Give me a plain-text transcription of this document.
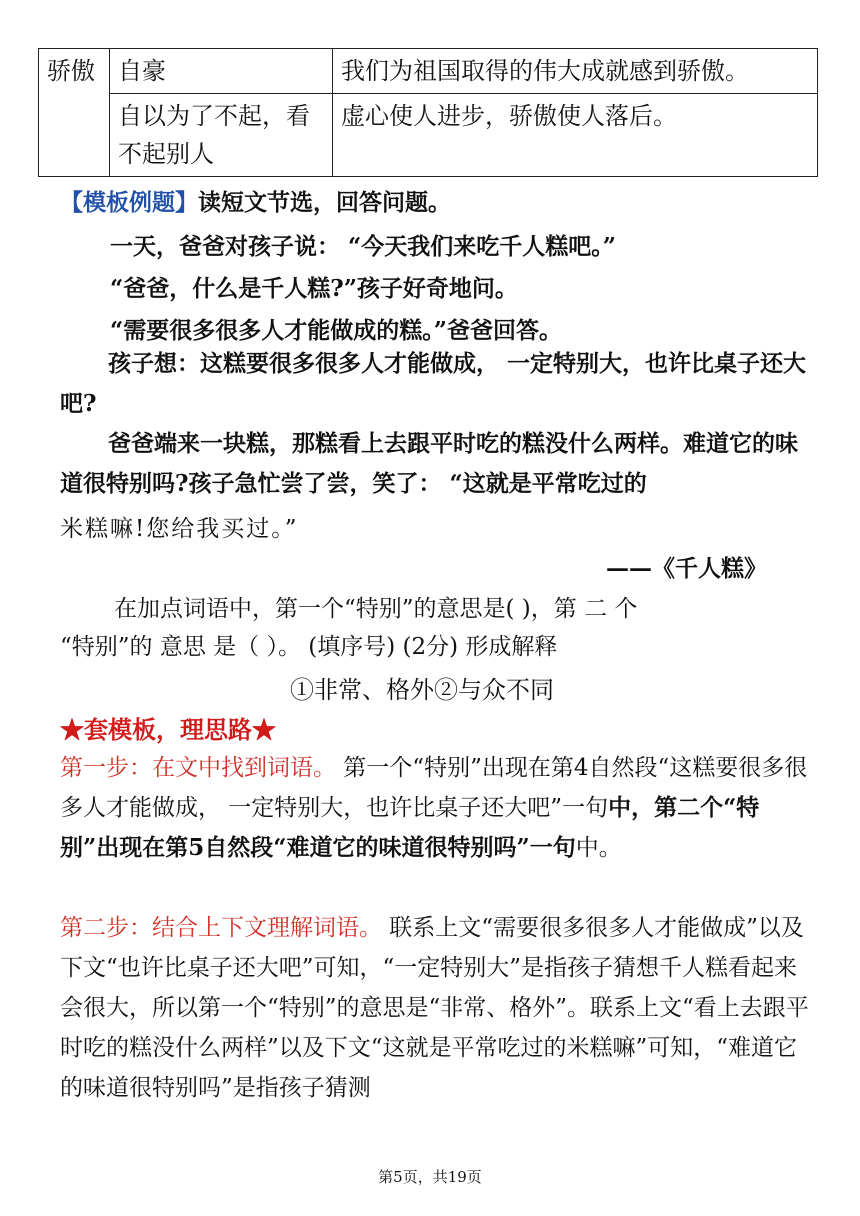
骄傲	自豪	我们为祖国取得的伟大成就感到骄傲。
	自以为了不起，看不起别人	虚心使人进步，骄傲使人落后。
【模板例题】读短文节选，回答问题。
一天，爸爸对孩子说： “今天我们来吃千人糕吧。”
“爸爸，什么是千人糕?”孩子好奇地问。
“需要很多很多人才能做成的糕。”爸爸回答。
孩子想：这糕要很多很多人才能做成， 一定特别大，也许比桌子还大吧?
爸爸端来一块糕，那糕看上去跟平时吃的糕没什么两样。难道它的味道很特别吗?孩子急忙尝了尝，笑了： “这就是平常吃过的
米糕嘛!您给我买过。”
——《千人糕》
在加点词语中，第一个“特别”的意思是( )，第 二 个
“特别”的 意思 是（ ）。 (填序号) (2分) 形成解释
①非常、格外②与众不同
★套模板，理思路★

第一步：在文中找到词语。 第一个“特别”出现在第4自然段“这糕要很多很多人才能做成， 一定特别大，也许比桌子还大吧”一句中，第二个“特别”出现在第5自然段“难道它的味道很特别吗”一句中。

第二步：结合上下文理解词语。 联系上文“需要很多很多人才能做成”以及下文“也许比桌子还大吧”可知，“一定特别大”是指孩子猜想千人糕看起来会很大，所以第一个“特别”的意思是“非常、格外”。联系上文“看上去跟平时吃的糕没什么两样”以及下文“这就是平常吃过的米糕嘛”可知，“难道它的味道很特别吗”是指孩子猜测

第5页，共19页
